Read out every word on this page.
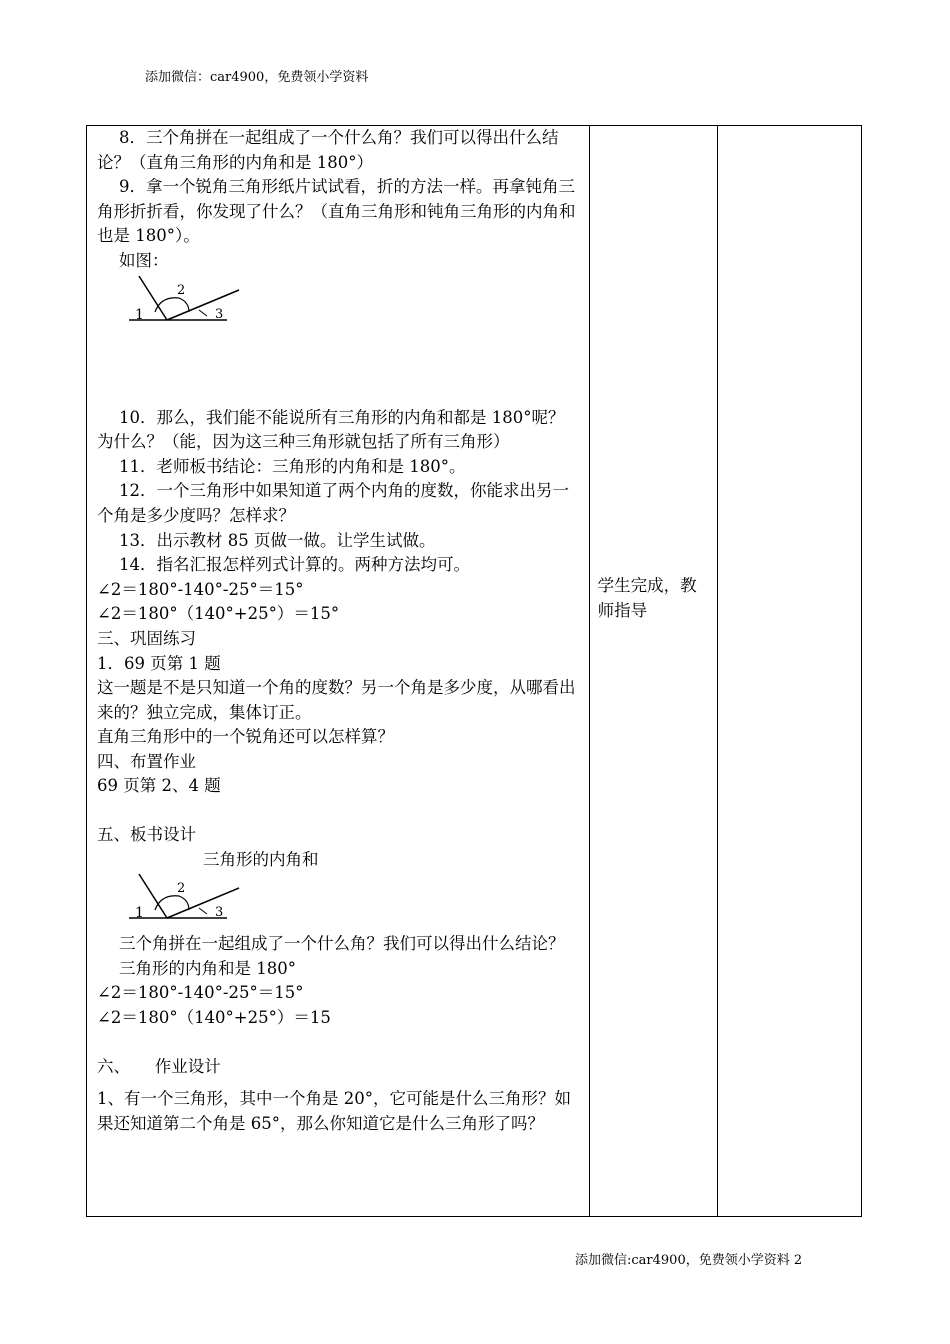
添加微信：car4900，免费领小学资料

8．三个角拼在一起组成了一个什么角？我们可以得出什么结论？（直角三角形的内角和是 180°）

9．拿一个锐角三角形纸片试试看，折的方法一样。再拿钝角三角形折折看，你发现了什么？（直角三角形和钝角三角形的内角和也是 180°）。

如图：

1
2
3

10．那么，我们能不能说所有三角形的内角和都是 180°呢？为什么？（能，因为这三种三角形就包括了所有三角形）

11．老师板书结论：三角形的内角和是 180°。

12．一个三角形中如果知道了两个内角的度数，你能求出另一个角是多少度吗？怎样求？

13．出示教材 85 页做一做。让学生试做。

14．指名汇报怎样列式计算的。两种方法均可。

∠2＝180°-140°-25°＝15°

∠2＝180°（140°+25°）＝15°

三、巩固练习

1．69 页第 1 题

这一题是不是只知道一个角的度数？另一个角是多少度，从哪看出来的？独立完成，集体订正。

直角三角形中的一个锐角还可以怎样算？

四、布置作业

69 页第 2、4 题

五、板书设计

三角形的内角和

1
2
3

三个角拼在一起组成了一个什么角？我们可以得出什么结论？

三角形的内角和是 180°

∠2＝180°-140°-25°＝15°

∠2＝180°（140°+25°）＝15

六、　　作业设计

1、有一个三角形，其中一个角是 20°，它可能是什么三角形？如果还知道第二个角是 65°，那么你知道它是什么三角形了吗？

学生完成，教师指导

添加微信:car4900，免费领小学资料 2
